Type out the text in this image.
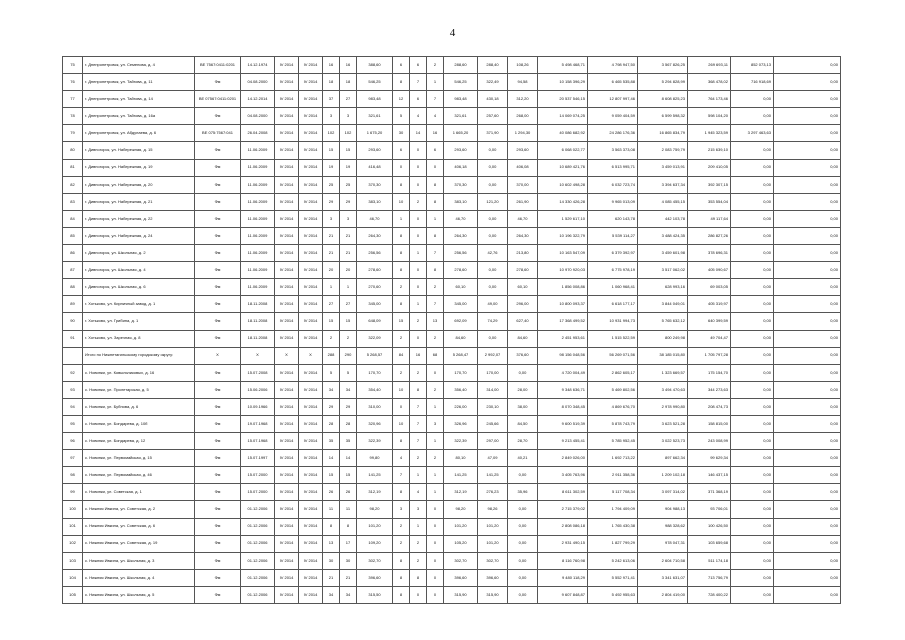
4
75	г. Днепропетровск, ул. Семенова, д. 4	ВЕ 7567:0411:0201	14.12.1974	IV 2014	IV 2014	16	16	388,60	6	6	2	288,60	288,40	108,26	5 498 468,71	4 798 947,50	3 567 826,25	269 693,11	852 073,13	0,00
76	г. Днепропетровск, ул. Тайгова, д. 11	Фм	04.08.2000	IV 2014	IV 2014	18	18	546,25	8	7	1	546,25	322,49	94,58	10 158 396,29	6 465 535,88	5 294 828,99	368 478,02	716 918,69	0,00
77	г. Днепропетровск, ул. Тайгова, д. 14	ВЕ 07567:0411:0201	14.12.2014	IV 2014	IV 2014	37	27	983,48	12	6	7	983,48	430,18	312,20	20 537 546,15	12 807 997,46	8 608 825,23	764 173,46	0,00	0,00
78	г. Днепропетровск, ул. Тайгова, д. 16а	Фм	04.08.2000	IV 2014	IV 2014	3	3	321,61	5	4	4	321,61	257,60	268,00	14 069 074,25	9 059 404,59	6 599 598,32	598 104,20	0,00	0,00
79	г. Днепропетровск, ул. Абдулаева, д. 6	ВЕ 075:7567:041	26.04.2008	IV 2014	IV 2014	102	102	1 675,20	30	14	16	1 665,20	371,90	1 294,30	40 086 682,92	24 286 176,36	16 865 834,79	1 945 323,59	3 297 463,63	0,00
80	г. Дивногорск, ул. Набережная, д. 15	Фм	11.06.2009	IV 2014	IV 2014	15	15	293,60	6	0	6	293,60	0,00	293,60	6 068 022,77	3 563 373,08	2 083 759,79	215 639,10	0,00	0,00
81	г. Дивногорск, ул. Набережная, д. 19	Фм	11.06.2009	IV 2014	IV 2014	19	19	416,48	0	0	0	406,18	0,00	406,08	10 689 421,76	6 513 995,71	3 459 013,91	209 410,05	0,00	0,00
82	г. Дивногорск, ул. Набережная, д. 20	Фм	11.06.2009	IV 2014	IV 2014	25	25	370,30	8	0	8	370,30	0,00	370,00	10 602 498,28	6 032 723,74	3 394 637,34	392 307,15	0,00	0,00
83	г. Дивногорск, ул. Набережная, д. 21	Фм	11.06.2009	IV 2014	IV 2014	29	29	383,10	10	2	8	383,10	121,20	261,90	14 330 426,28	9 965 013,09	4 085 455,15	353 554,04	0,00	0,00
84	г. Дивногорск, ул. Набережная, д. 22	Фм	11.06.2009	IV 2014	IV 2014	3	3	46,70	1	0	1	46,70	0,00	46,70	1 529 617,10	620 143,78	442 103,78	49 117,64	0,00	0,00
85	г. Дивногорск, ул. Набережная, д. 24	Фм	11.06.2009	IV 2014	IV 2014	21	21	264,30	8	0	8	264,30	0,00	264,30	10 196 322,79	5 539 114,27	3 488 424,35	286 827,26	0,00	0,00
86	г. Дивногорск, ул. Школьная, д. 2	Фм	11.06.2009	IV 2014	IV 2014	21	21	256,56	8	1	7	256,56	42,76	213,80	10 163 547,09	6 379 392,97	3 459 601,98	378 696,31	0,00	0,00
87	г. Дивногорск, ул. Школьная, д. 4	Фм	11.06.2009	IV 2014	IV 2014	20	20	278,60	8	0	8	278,60	0,00	278,60	10 970 920,03	6 775 978,19	3 517 062,02	405 090,67	0,00	0,00
88	г. Дивногорск, ул. Школьная, д. 6	Фм	11.06.2009	IV 2014	IV 2014	1	1	270,60	2	0	2	60,10	0,00	60,10	1 856 008,86	1 060 968,41	628 993,16	69 003,05	0,00	0,00
89	г. Хотьково, ул. Кирпичный завод, д. 1	Фм	18.11.2008	IV 2014	IV 2014	27	27	345,00	8	1	7	345,00	49,00	296,00	10 800 093,37	6 618 177,17	3 844 049,01	405 319,97	0,00	0,00
90	г. Хотьково, ул. Грибина, д. 1	Фм	18.11.2008	IV 2014	IV 2014	15	15	648,09	15	2	13	692,09	74,29	627,40	17 368 499,52	10 931 994,73	5 765 632,12	640 399,59	0,00	0,00
91	г. Хотьково, ул. Заречная, д. 8	Фм	18.11.2008	IV 2014	IV 2014	2	2	322,09	2	0	2	84,60	0,00	84,60	2 451 953,61	1 515 522,59	800 249,98	49 704,47	0,00	0,00
	Итого по Нижнетагильскому городскому округу:	Х	Х	Х	Х	288	290	5 268,57	84	16	68	5 268,47	2 992,07	376,60	98 156 048,56	56 269 071,56	38 185 015,80	1 705 797,28	0,00	0,00
92	с. Новинки, ул. Ковыльниковых, д. 16	Фм	15.07.2008	IV 2014	IV 2014	5	5	170,70	2	2	0	170,70	170,00	0,00	4 720 004,49	2 862 605,17	1 323 669,57	175 154,70	0,00	0,00
93	с. Новинки, ул. Пролетарская, д. 5	Фм	15.06.2006	IV 2014	IV 2014	34	34	354,40	10	8	2	356,40	314,00	28,00	9 348 636,71	5 469 802,56	3 494 470,63	344 273,63	0,00	0,00
94	с. Новинки, ул. Бубнова, д. 6	Фм	10.09.1966	IV 2014	IV 2014	29	29	310,00	0	7	1	226,00	230,10	38,00	8 070 348,45	4 869 676,70	2 978 990,80	208 474,73	0,00	0,00
95	с. Новинки, ул. Бондарева, д. 10б	Фм	19.07.1968	IV 2014	IV 2014	28	28	320,96	10	7	3	326,96	245,66	84,50	9 600 519,39	5 878 743,79	3 623 521,28	158 815,00	0,00	0,00
96	с. Новинки, ул. Бондарева, д. 12	Фм	15.07.1968	IV 2014	IV 2014	35	35	322,39	8	7	1	322,39	297,00	28,70	9 213 455,41	5 785 952,45	3 022 523,73	243 008,99	0,00	0,00
97	с. Новинки, ул. Первомайская, д. 15	Фм	15.07.1997	IV 2014	IV 2014	14	14	99,80	4	2	2	80,10	47,09	40,21	2 849 026,00	1 692 713,22	897 662,34	99 629,34	0,00	0,00
98	с. Новинки, ул. Первомайская, д. 46	Фм	15.07.2000	IV 2014	IV 2014	15	15	141,25	7	1	1	141,25	141,25	0,00	3 405 763,96	2 911 358,36	1 209 102,18	146 437,15	0,00	0,00
99	с. Новинки, ул. Советская, д. 1	Фм	15.07.2000	IV 2014	IV 2014	26	26	312,19	8	4	1	312,19	276,23	35,96	8 611 302,59	5 117 708,34	3 097 314,02	371 368,19	0,00	0,00
100	с. Нижняя Ивкина, ул. Советская, д. 2	Фм	01.12.2006	IV 2014	IV 2014	11	11	98,20	3	3	0	98,20	98,26	0,00	2 715 379,02	1 794 409,09	904 988,13	93 706,01	0,00	0,00
101	с. Нижняя Ивкина, ул. Советская, д. 6	Фм	01.12.2006	IV 2014	IV 2014	8	8	101,20	2	1	0	101,20	101,20	0,00	2 808 086,18	1 765 430,38	988 328,62	100 426,50	0,00	0,00
102	с. Нижняя Ивкина, ул. Советская, д. 19	Фм	01.12.2006	IV 2014	IV 2014	13	17	109,20	2	2	0	105,20	101,20	0,00	2 931 490,15	1 827 799,29	978 047,31	103 659,68	0,00	0,00
103	с. Нижняя Ивкина, ул. Школьная, д. 3	Фм	01.12.2006	IV 2014	IV 2014	30	30	302,70	8	2	0	302,70	302,70	0,00	8 116 760,98	5 242 613,06	2 604 710,58	511 174,18	0,00	0,00
104	с. Нижняя Ивкина, ул. Школьная, д. 4	Фм	01.12.2006	IV 2014	IV 2014	21	21	396,60	8	8	0	396,60	396,60	0,00	9 480 118,29	5 552 971,41	3 341 631,07	713 756,79	0,00	0,00
105	с. Нижняя Ивкина, ул. Школьная, д. 5	Фм	01.12.2006	IV 2014	IV 2014	34	34	315,50	8	0	0	315,90	315,90	0,00	9 607 848,87	5 492 955,63	2 804 419,00	728 400,22	0,00	0,00
